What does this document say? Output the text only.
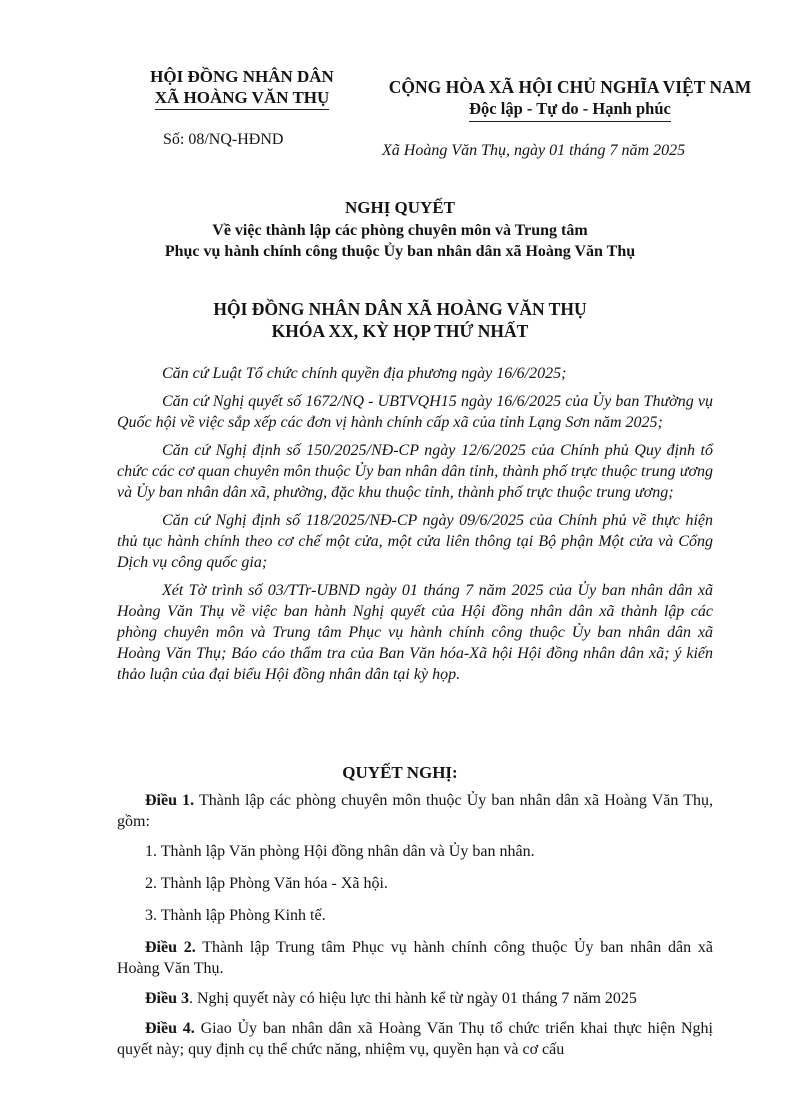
HỘI ĐỒNG NHÂN DÂN
XÃ HOÀNG VĂN THỤ
Số: 08/NQ-HĐND
CỘNG HÒA XÃ HỘI CHỦ NGHĨA VIỆT NAM
Độc lập - Tự do - Hạnh phúc
Xã Hoàng Văn Thụ, ngày 01 tháng 7 năm 2025
NGHỊ QUYẾT
Về việc thành lập các phòng chuyên môn và Trung tâm
Phục vụ hành chính công thuộc Ủy ban nhân dân xã Hoàng Văn Thụ
HỘI ĐỒNG NHÂN DÂN XÃ HOÀNG VĂN THỤ
KHÓA XX, KỲ HỌP THỨ NHẤT

Căn cứ Luật Tổ chức chính quyền địa phương ngày 16/6/2025;

Căn cứ Nghị quyết số 1672/NQ - UBTVQH15 ngày 16/6/2025 của Ủy ban Thường vụ Quốc hội về việc sắp xếp các đơn vị hành chính cấp xã của tỉnh Lạng Sơn năm 2025;

Căn cứ Nghị định số 150/2025/NĐ-CP ngày 12/6/2025 của Chính phủ Quy định tổ chức các cơ quan chuyên môn thuộc Ủy ban nhân dân tỉnh, thành phố trực thuộc trung ương và Ủy ban nhân dân xã, phường, đặc khu thuộc tỉnh, thành phố trực thuộc trung ương;

Căn cứ Nghị định số 118/2025/NĐ-CP ngày 09/6/2025 của Chính phủ về thực hiện thủ tục hành chính theo cơ chế một cửa, một cửa liên thông tại Bộ phận Một cửa và Cổng Dịch vụ công quốc gia;

Xét Tờ trình số 03/TTr-UBND ngày 01 tháng 7 năm 2025 của Ủy ban nhân dân xã Hoàng Văn Thụ về việc ban hành Nghị quyết của Hội đồng nhân dân xã thành lập các phòng chuyên môn và Trung tâm Phục vụ hành chính công thuộc Ủy ban nhân dân xã Hoàng Văn Thụ; Báo cáo thẩm tra của Ban Văn hóa-Xã hội Hội đồng nhân dân xã; ý kiến thảo luận của đại biểu Hội đồng nhân dân tại kỳ họp.

QUYẾT NGHỊ:

Điều 1. Thành lập các phòng chuyên môn thuộc Ủy ban nhân dân xã Hoàng Văn Thụ, gồm:

1. Thành lập Văn phòng Hội đồng nhân dân và Ủy ban nhân.

2. Thành lập Phòng Văn hóa - Xã hội.

3. Thành lập Phòng Kinh tế.

Điều 2. Thành lập Trung tâm Phục vụ hành chính công thuộc Ủy ban nhân dân xã Hoàng Văn Thụ.

Điều 3. Nghị quyết này có hiệu lực thi hành kể từ ngày 01 tháng 7 năm 2025

Điều 4. Giao Ủy ban nhân dân xã Hoàng Văn Thụ tổ chức triển khai thực hiện Nghị quyết này; quy định cụ thể chức năng, nhiệm vụ, quyền hạn và cơ cấu
